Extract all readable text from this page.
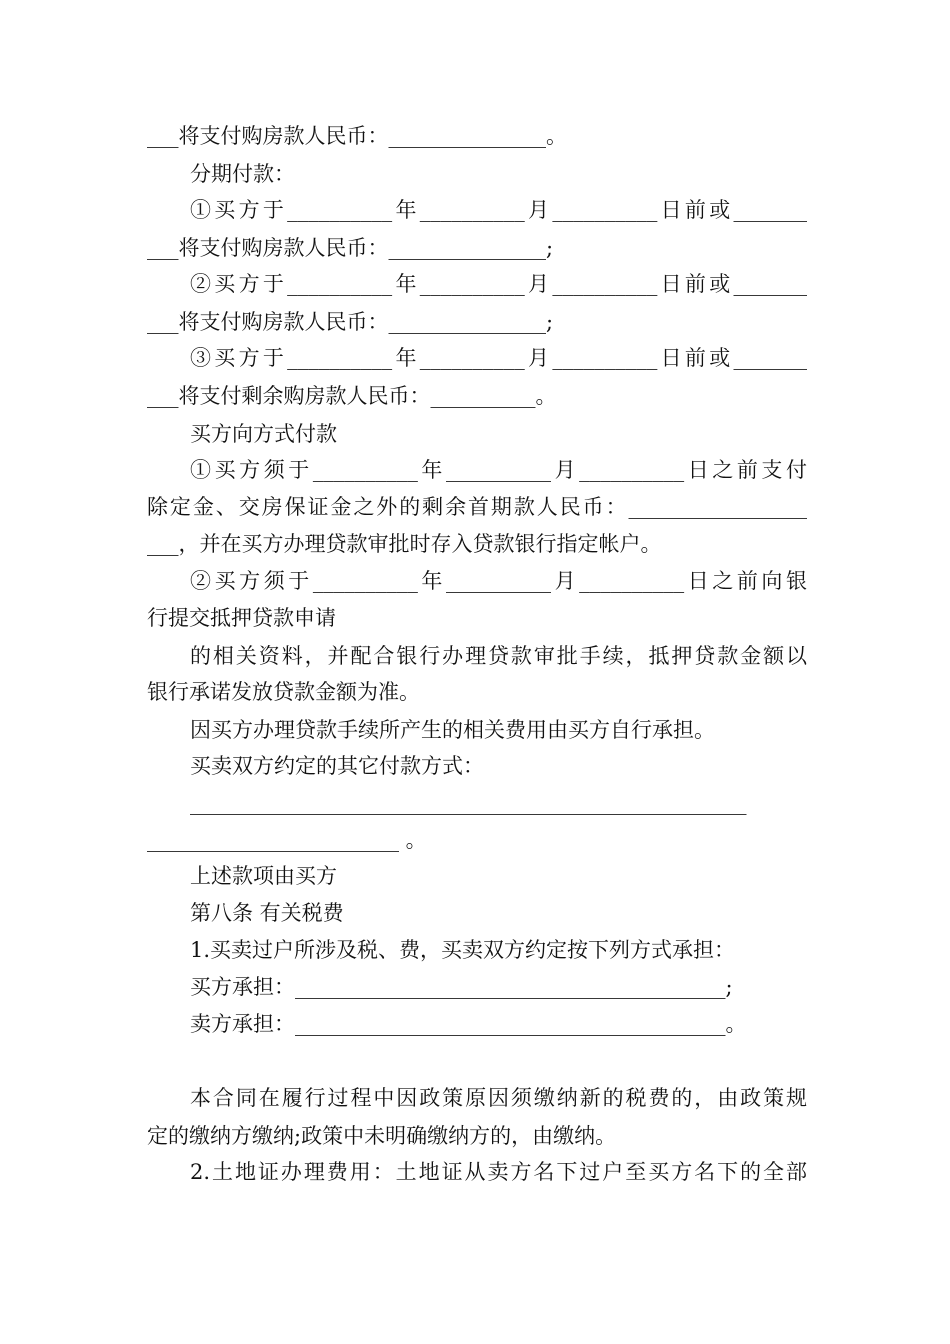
___将支付购房款人民币：_______________。
分期付款：
①买方于__________年__________月__________日前或_______
___将支付购房款人民币：_______________;
②买方于__________年__________月__________日前或_______
___将支付购房款人民币：_______________;
③买方于__________年__________月__________日前或_______
___将支付剩余购房款人民币：__________。
买方向方式付款
①买方须于__________年__________月__________日之前支付
除定金、交房保证金之外的剩余首期款人民币：_________________
___，并在买方办理贷款审批时存入贷款银行指定帐户。
②买方须于__________年__________月__________日之前向银
行提交抵押贷款申请
的相关资料，并配合银行办理贷款审批手续，抵押贷款金额以
银行承诺发放贷款金额为准。
因买方办理贷款手续所产生的相关费用由买方自行承担。
买卖双方约定的其它付款方式：
_____________________________________________________
________________________ 。
上述款项由买方
第八条 有关税费
1.买卖过户所涉及税、费，买卖双方约定按下列方式承担：
买方承担：_________________________________________;
卖方承担：_________________________________________。
本合同在履行过程中因政策原因须缴纳新的税费的，由政策规
定的缴纳方缴纳;政策中未明确缴纳方的，由缴纳。
2.土地证办理费用：土地证从卖方名下过户至买方名下的全部
